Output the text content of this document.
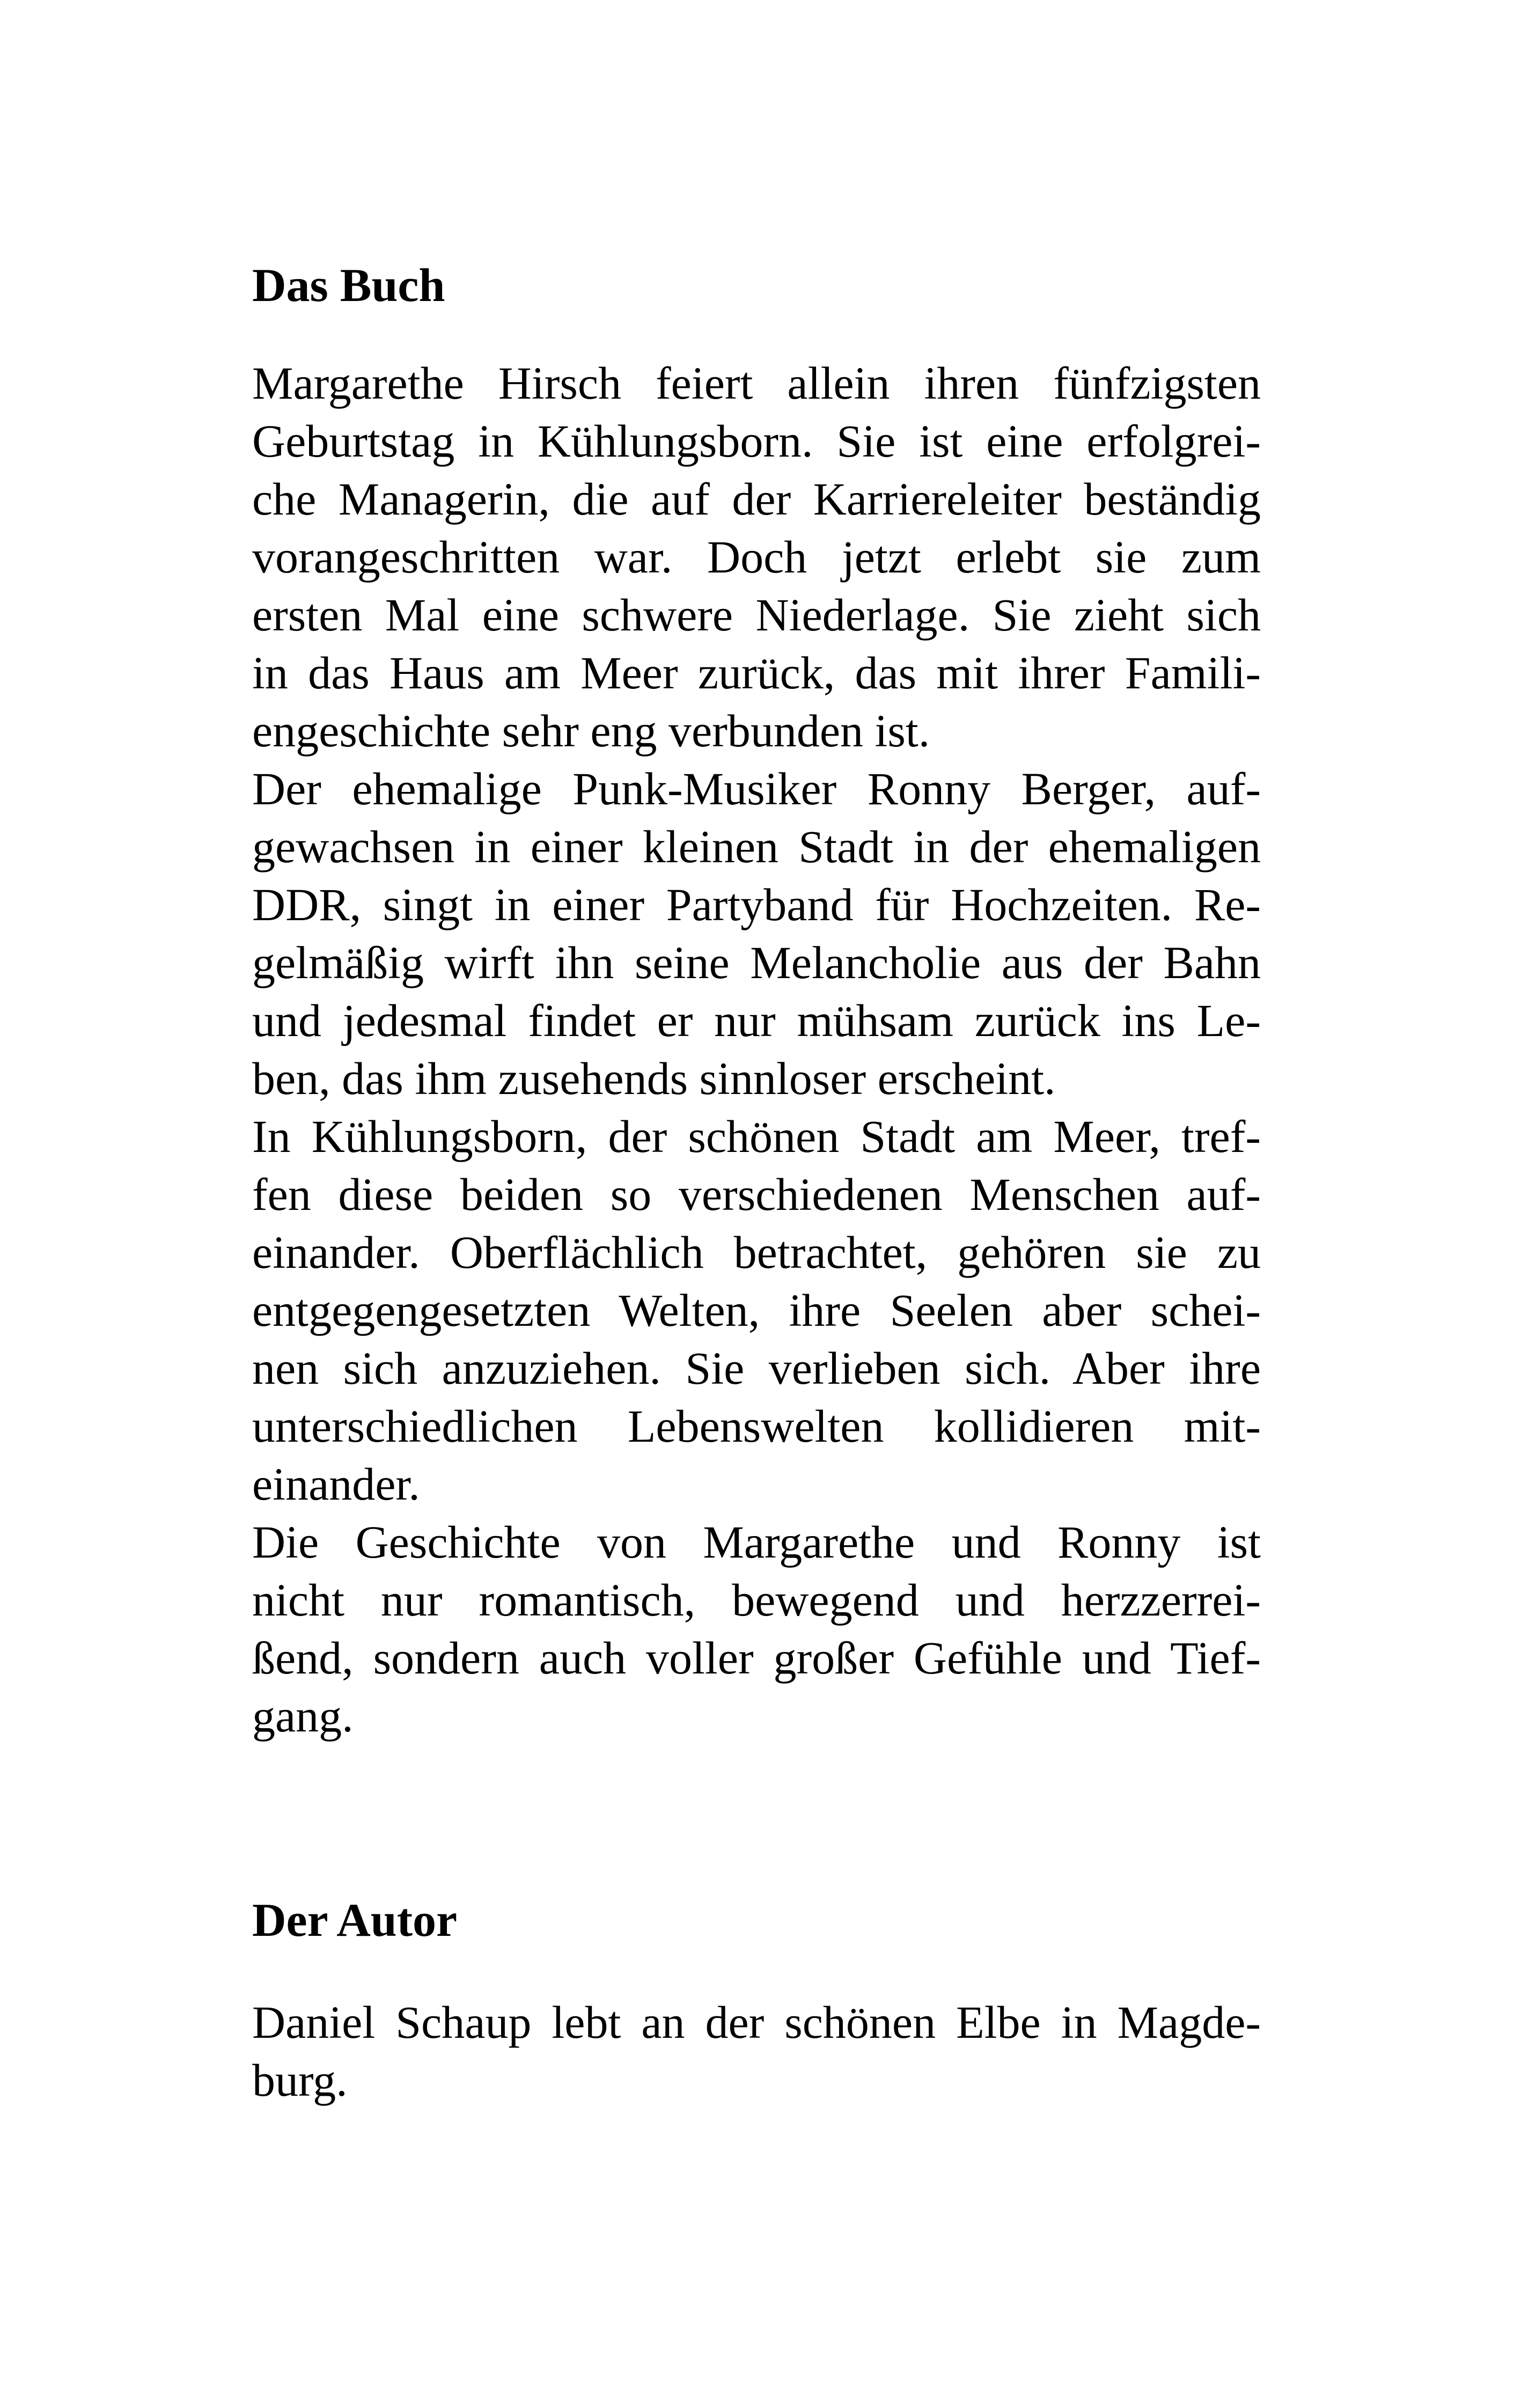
Das Buch
Margarethe Hirsch feiert allein ihren fünfzigsten
Geburtstag in Kühlungsborn. Sie ist eine erfolgrei-
che Managerin, die auf der Karriereleiter beständig
vorangeschritten war. Doch jetzt erlebt sie zum
ersten Mal eine schwere Niederlage. Sie zieht sich
in das Haus am Meer zurück, das mit ihrer Famili-
engeschichte sehr eng verbunden ist.
Der ehemalige Punk-Musiker Ronny Berger, auf-
gewachsen in einer kleinen Stadt in der ehemaligen
DDR, singt in einer Partyband für Hochzeiten. Re-
gelmäßig wirft ihn seine Melancholie aus der Bahn
und jedesmal findet er nur mühsam zurück ins Le-
ben, das ihm zusehends sinnloser erscheint.
In Kühlungsborn, der schönen Stadt am Meer, tref-
fen diese beiden so verschiedenen Menschen auf-
einander. Oberflächlich betrachtet, gehören sie zu
entgegengesetzten Welten, ihre Seelen aber schei-
nen sich anzuziehen. Sie verlieben sich. Aber ihre
unterschiedlichen Lebenswelten kollidieren mit-
einander.
Die Geschichte von Margarethe und Ronny ist
nicht nur romantisch, bewegend und herzzerrei-
ßend, sondern auch voller großer Gefühle und Tief-
gang.
Der Autor
Daniel Schaup lebt an der schönen Elbe in Magde-
burg.
